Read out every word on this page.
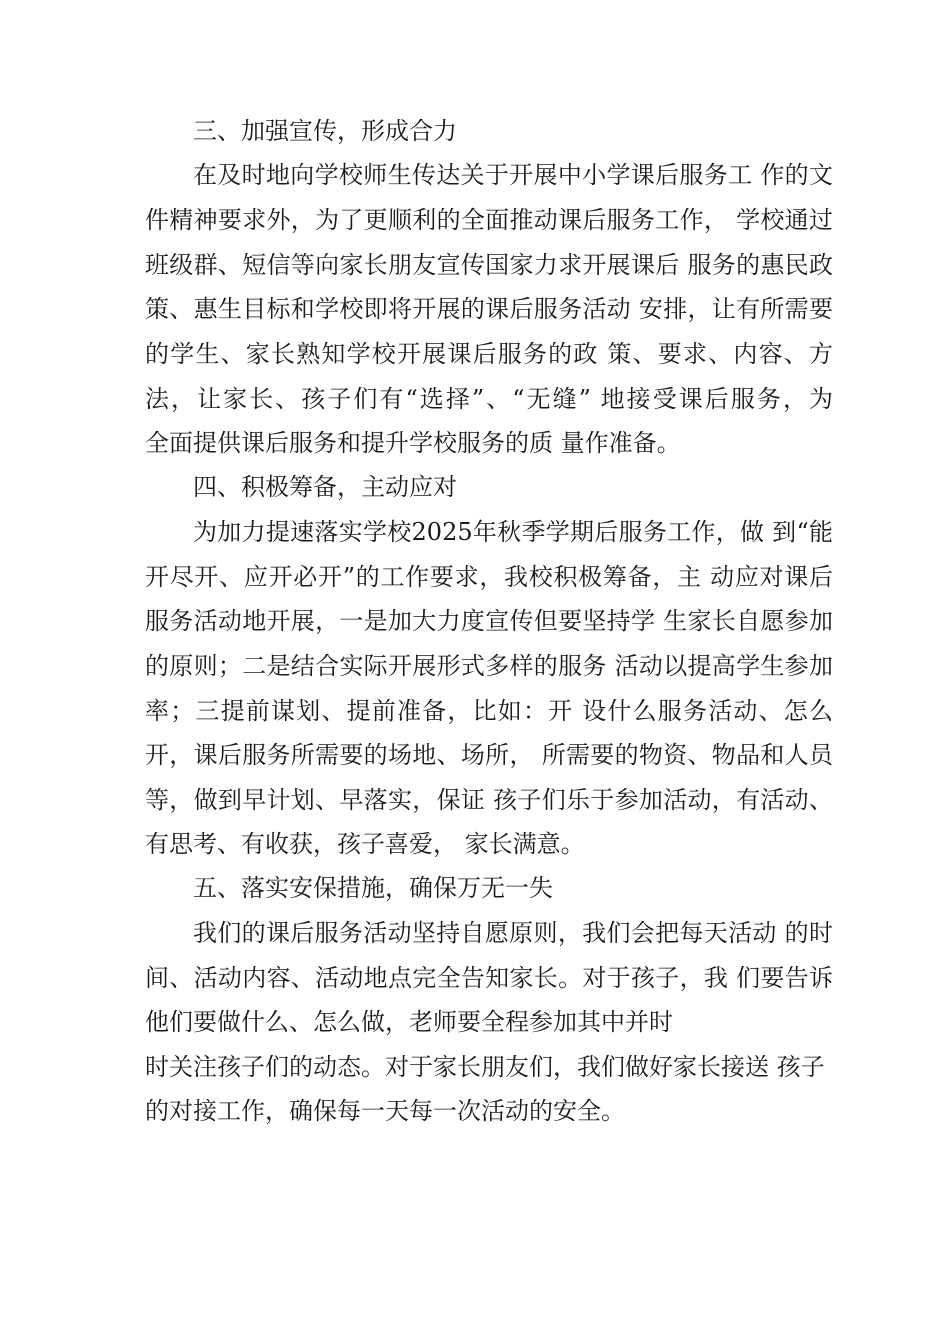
三、加强宣传，形成合力
在及时地向学校师生传达关于开展中小学课后服务工 作的文
件精神要求外，为了更顺利的全面推动课后服务工作， 学校通过
班级群、短信等向家长朋友宣传国家力求开展课后 服务的惠民政
策、惠生目标和学校即将开展的课后服务活动 安排，让有所需要
的学生、家长熟知学校开展课后服务的政 策、要求、内容、方
法，让家长、孩子们有“选择”、“无缝” 地接受课后服务，为
全面提供课后服务和提升学校服务的质 量作准备。
四、积极筹备，主动应对
为加力提速落实学校2025年秋季学期后服务工作，做 到“能
开尽开、应开必开”的工作要求，我校积极筹备，主 动应对课后
服务活动地开展，一是加大力度宣传但要坚持学 生家长自愿参加
的原则；二是结合实际开展形式多样的服务 活动以提高学生参加
率；三提前谋划、提前准备，比如：开 设什么服务活动、怎么
开，课后服务所需要的场地、场所， 所需要的物资、物品和人员
等，做到早计划、早落实，保证 孩子们乐于参加活动，有活动、
有思考、有收获，孩子喜爱， 家长满意。
五、落实安保措施，确保万无一失
我们的课后服务活动坚持自愿原则，我们会把每天活动 的时
间、活动内容、活动地点完全告知家长。对于孩子，我 们要告诉
他们要做什么、怎么做，老师要全程参加其中并时
时关注孩子们的动态。对于家长朋友们，我们做好家长接送 孩子
的对接工作，确保每一天每一次活动的安全。
